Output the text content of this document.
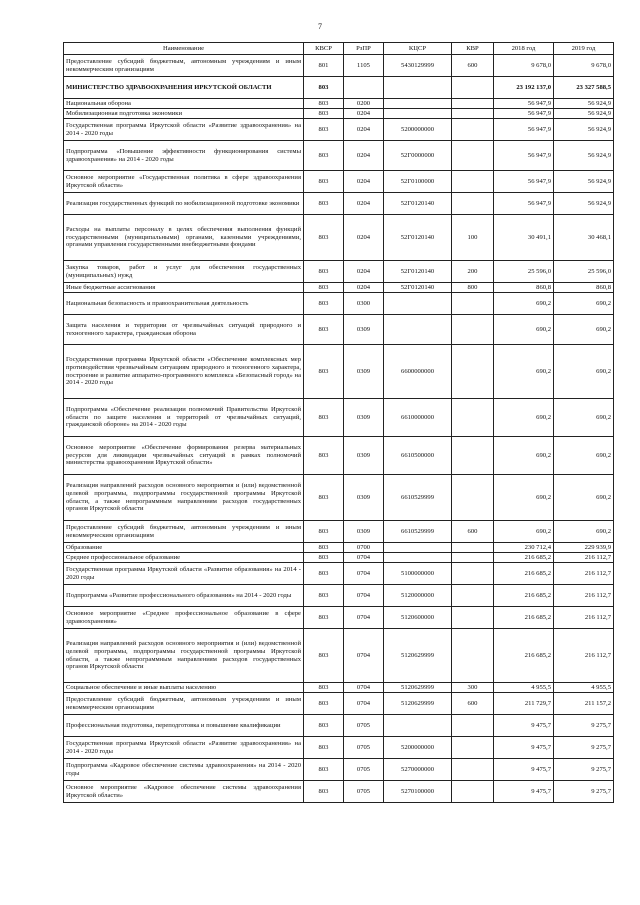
7
Наименование	КВСР	РзПР	КЦСР	КВР	2018 год	2019 год
Предоставление субсидий бюджетным, автономным учреждениям и иным некоммерческим организациям	801	1105	5430129999	600	9 678,0	9 678,0
МИНИСТЕРСТВО ЗДРАВООХРАНЕНИЯ ИРКУТСКОЙ ОБЛАСТИ	803				23 192 137,0	23 327 588,5
Национальная оборона	803	0200			56 947,9	56 924,9
Мобилизационная подготовка экономики	803	0204			56 947,9	56 924,9
Государственная программа Иркутской области «Развитие здравоохранения» на 2014 - 2020 годы	803	0204	5200000000		56 947,9	56 924,9
Подпрограмма «Повышение эффективности функционирования системы здравоохранения» на 2014 - 2020 годы	803	0204	52Г0000000		56 947,9	56 924,9
Основное мероприятие «Государственная политика в сфере здравоохранения Иркутской области»	803	0204	52Г0100000		56 947,9	56 924,9
Реализация государственных функций по мобилизационной подготовке экономики	803	0204	52Г0120140		56 947,9	56 924,9
Расходы на выплаты персоналу в целях обеспечения выполнения функций государственными (муниципальными) органами, казенными учреждениями, органами управления государственными внебюджетными фондами	803	0204	52Г0120140	100	30 491,1	30 468,1
Закупка товаров, работ и услуг для обеспечения государственных (муниципальных) нужд	803	0204	52Г0120140	200	25 596,0	25 596,0
Иные бюджетные ассигнования	803	0204	52Г0120140	800	860,8	860,8
Национальная безопасность и правоохранительная деятельность	803	0300			690,2	690,2
Защита населения и территории от чрезвычайных ситуаций природного и техногенного характера, гражданская оборона	803	0309			690,2	690,2
Государственная программа Иркутской области «Обеспечение комплексных мер противодействия чрезвычайным ситуациям природного и техногенного характера, построение и развитие аппаратно-программного комплекса «Безопасный город» на 2014 - 2020 годы	803	0309	6600000000		690,2	690,2
Подпрограмма «Обеспечение реализации полномочий Правительства Иркутской области по защите населения и территорий от чрезвычайных ситуаций, гражданской обороне» на 2014 - 2020 годы	803	0309	6610000000		690,2	690,2
Основное мероприятие «Обеспечение формирования резерва материальных ресурсов для ликвидации чрезвычайных ситуаций в рамках полномочий министерства здравоохранения Иркутской области»	803	0309	6610500000		690,2	690,2
Реализация направлений расходов основного мероприятия и (или) ведомственной целевой программы, подпрограммы государственной программы Иркутской области, а также непрограммным направлениям расходов государственных органов Иркутской области	803	0309	6610529999		690,2	690,2
Предоставление субсидий бюджетным, автономным учреждениям и иным некоммерческим организациям	803	0309	6610529999	600	690,2	690,2
Образование	803	0700			230 712,4	229 939,9
Среднее профессиональное образование	803	0704			216 685,2	216 112,7
Государственная программа Иркутской области «Развитие образования» на 2014 - 2020 годы	803	0704	5100000000		216 685,2	216 112,7
Подпрограмма «Развитие профессионального образования» на 2014 - 2020 годы	803	0704	5120000000		216 685,2	216 112,7
Основное мероприятие «Среднее профессиональное образование в сфере здравоохранения»	803	0704	5120600000		216 685,2	216 112,7
Реализация направлений расходов основного мероприятия и (или) ведомственной целевой программы, подпрограммы государственной программы Иркутской области, а также непрограммным направлениям расходов государственных органов Иркутской области	803	0704	5120629999		216 685,2	216 112,7
Социальное обеспечение и иные выплаты населению	803	0704	5120629999	300	4 955,5	4 955,5
Предоставление субсидий бюджетным, автономным учреждениям и иным некоммерческим организациям	803	0704	5120629999	600	211 729,7	211 157,2
Профессиональная подготовка, переподготовка и повышение квалификации	803	0705			9 475,7	9 275,7
Государственная программа Иркутской области «Развитие здравоохранения» на 2014 - 2020 годы	803	0705	5200000000		9 475,7	9 275,7
Подпрограмма «Кадровое обеспечение системы здравоохранения» на 2014 - 2020 годы	803	0705	5270000000		9 475,7	9 275,7
Основное мероприятие «Кадровое обеспечение системы здравоохранения Иркутской области»	803	0705	5270100000		9 475,7	9 275,7
